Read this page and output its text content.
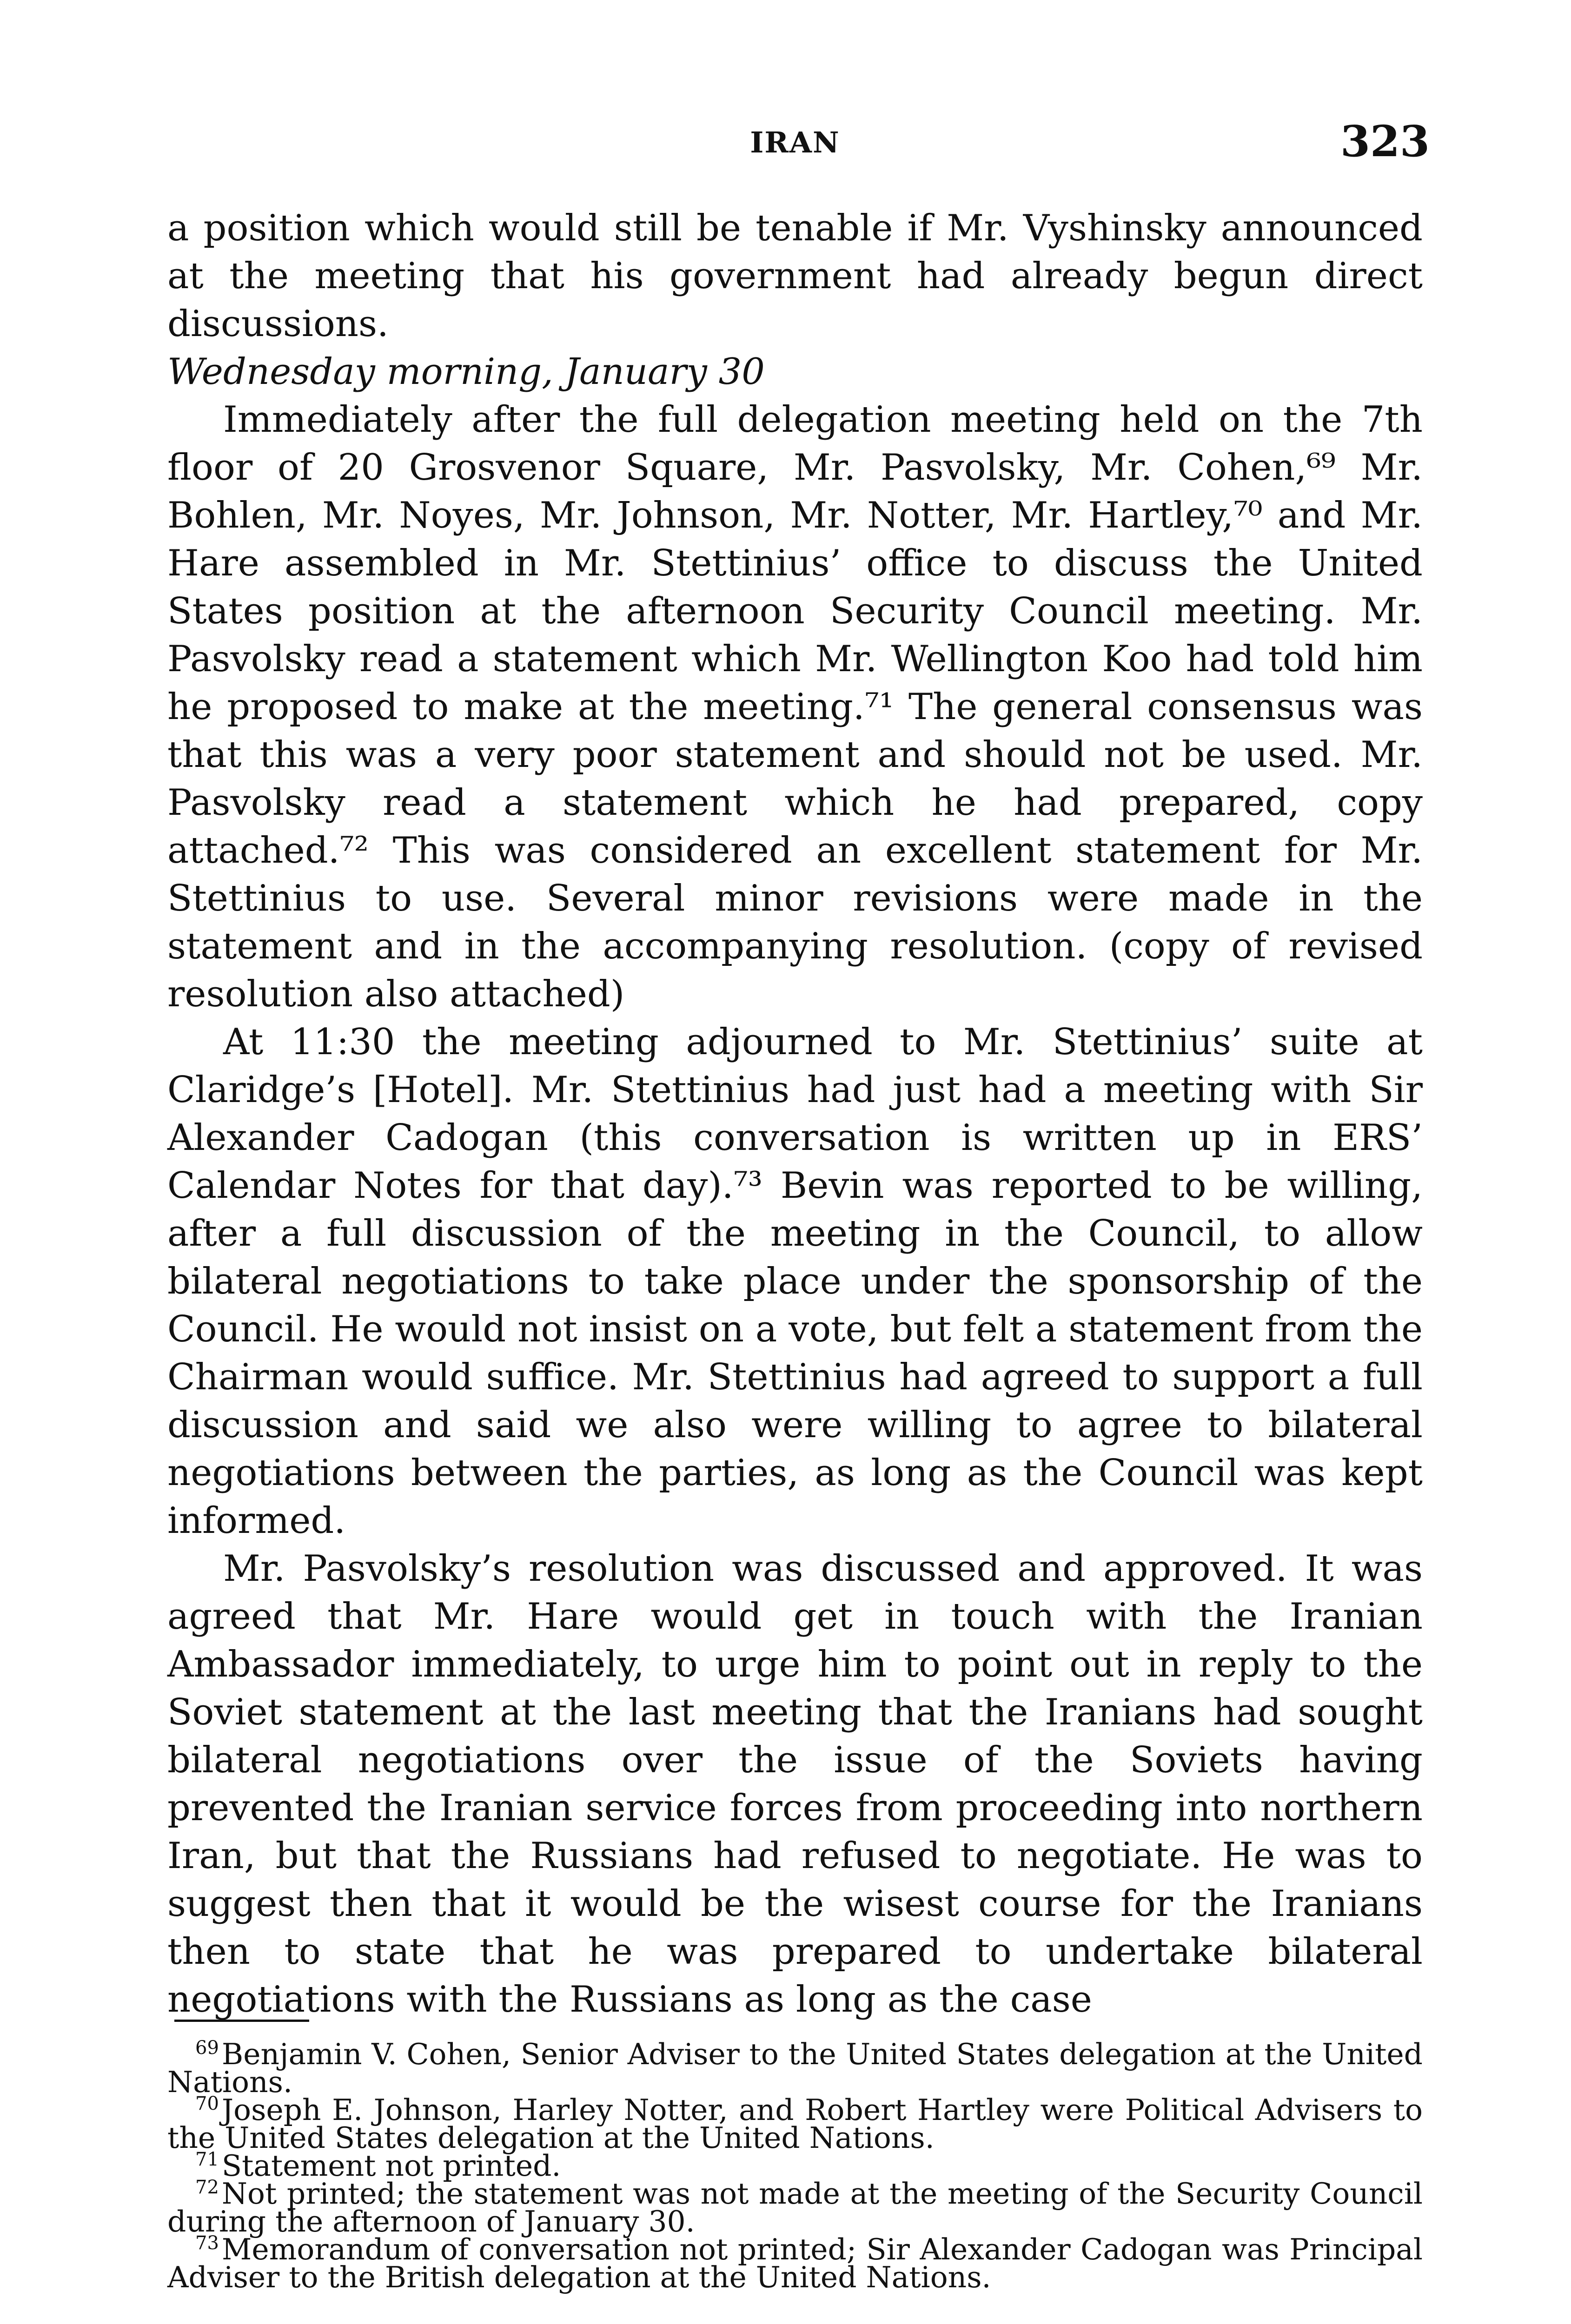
IRAN	323

a position which would still be tenable if Mr. Vyshinsky announced at the meeting that his government had already begun direct discussions.

Wednesday morning, January 30

Immediately after the full delegation meeting held on the 7th floor of 20 Grosvenor Square, Mr. Pasvolsky, Mr. Cohen,⁶⁹ Mr. Bohlen, Mr. Noyes, Mr. Johnson, Mr. Notter, Mr. Hartley,⁷⁰ and Mr. Hare assembled in Mr. Stettinius’ office to discuss the United States position at the afternoon Security Council meeting. Mr. Pasvolsky read a statement which Mr. Wellington Koo had told him he proposed to make at the meeting.⁷¹ The general consensus was that this was a very poor statement and should not be used. Mr. Pasvolsky read a statement which he had prepared, copy attached.⁷² This was considered an excellent statement for Mr. Stettinius to use. Several minor revisions were made in the statement and in the accompanying resolution. (copy of revised resolution also attached)

At 11:30 the meeting adjourned to Mr. Stettinius’ suite at Claridge’s [Hotel]. Mr. Stettinius had just had a meeting with Sir Alexander Cadogan (this conversation is written up in ERS’ Calendar Notes for that day).⁷³ Bevin was reported to be willing, after a full discussion of the meeting in the Council, to allow bilateral negotiations to take place under the sponsorship of the Council. He would not insist on a vote, but felt a statement from the Chairman would suffice. Mr. Stettinius had agreed to support a full discussion and said we also were willing to agree to bilateral negotiations between the parties, as long as the Council was kept informed.

Mr. Pasvolsky’s resolution was discussed and approved. It was agreed that Mr. Hare would get in touch with the Iranian Ambassador immediately, to urge him to point out in reply to the Soviet statement at the last meeting that the Iranians had sought bilateral negotiations over the issue of the Soviets having prevented the Iranian service forces from proceeding into northern Iran, but that the Russians had refused to negotiate. He was to suggest then that it would be the wisest course for the Iranians then to state that he was prepared to undertake bilateral negotiations with the Russians as long as the case

$^{69}$Benjamin V. Cohen, Senior Adviser to the United States delegation at the United Nations.

$^{70}$Joseph E. Johnson, Harley Notter, and Robert Hartley were Political Advisers to the United States delegation at the United Nations.

$^{71}$Statement not printed.

$^{72}$Not printed; the statement was not made at the meeting of the Security Council during the afternoon of January 30.

$^{73}$Memorandum of conversation not printed; Sir Alexander Cadogan was Principal Adviser to the British delegation at the United Nations.
